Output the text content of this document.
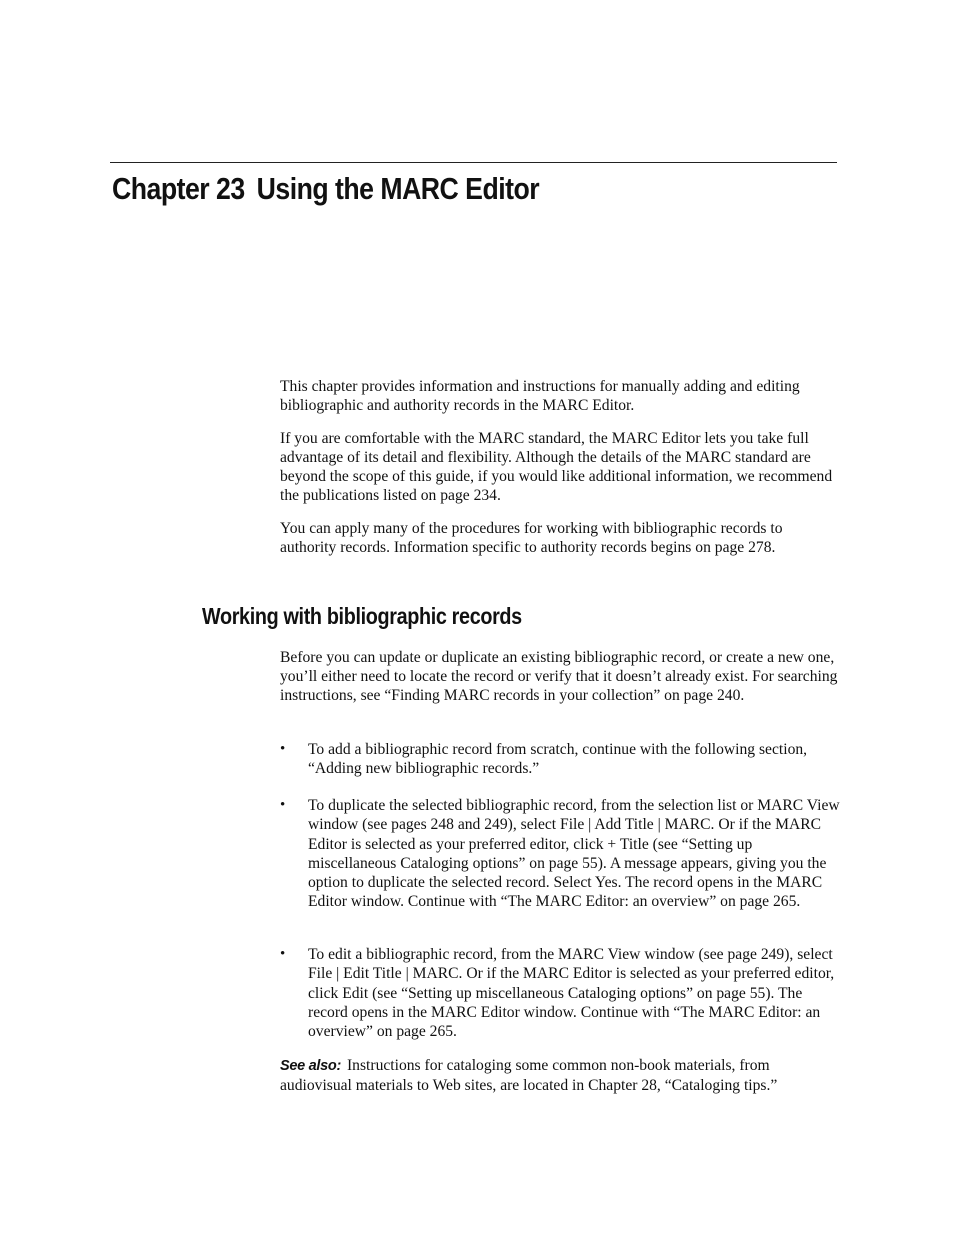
Chapter 23 Using the MARC Editor

This chapter provides information and instructions for manually adding and editing bibliographic and authority records in the MARC Editor.

If you are comfortable with the MARC standard, the MARC Editor lets you take full advantage of its detail and flexibility. Although the details of the MARC standard are beyond the scope of this guide, if you would like additional information, we recommend the publications listed on page 234.

You can apply many of the procedures for working with bibliographic records to authority records. Information specific to authority records begins on page 278.

Working with bibliographic records

Before you can update or duplicate an existing bibliographic record, or create a new one, you’ll either need to locate the record or verify that it doesn’t already exist. For searching instructions, see “Finding MARC records in your collection” on page 240.

• To add a bibliographic record from scratch, continue with the following section, “Adding new bibliographic records.”
• To duplicate the selected bibliographic record, from the selection list or MARC View window (see pages 248 and 249), select File | Add Title | MARC. Or if the MARC Editor is selected as your preferred editor, click + Title (see “Setting up miscellaneous Cataloging options” on page 55). A message appears, giving you the option to duplicate the selected record. Select Yes. The record opens in the MARC Editor window. Continue with “The MARC Editor: an overview” on page 265.
• To edit a bibliographic record, from the MARC View window (see page 249), select File | Edit Title | MARC. Or if the MARC Editor is selected as your preferred editor, click Edit (see “Setting up miscellaneous Cataloging options” on page 55). The record opens in the MARC Editor window. Continue with “The MARC Editor: an overview” on page 265.

See also: Instructions for cataloging some common non-book materials, from audiovisual materials to Web sites, are located in Chapter 28, “Cataloging tips.”
